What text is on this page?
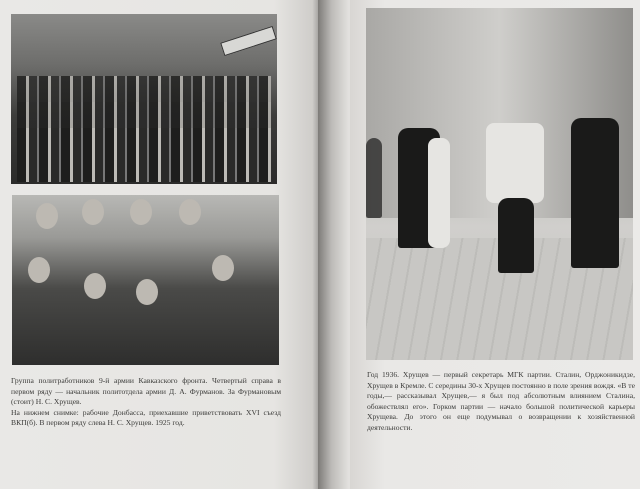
Группа политработников 9-й армии Кавказского фронта. Четвертый справа в первом ряду — начальник политотдела армии Д. А. Фурманов. За Фурмановым (стоит) Н. С. Хрущев.

На нижнем снимке: рабочие Донбасса, приехавшие приветствовать XVI съезд ВКП(б). В первом ряду слева Н. С. Хрущев. 1925 год.

Год 1936. Хрущев — первый секретарь МГК партии. Сталин, Орджоникидзе, Хрущев в Кремле. С середины 30-х Хрущев постоянно в поле зрения вождя. «В те годы,— рассказывал Хрущев,— я был под абсолютным влиянием Сталина, обожествлял его». Горком партии — начало большой политической карьеры Хрущева. До этого он еще подумывал о возвращении к хозяйственной деятельности.
